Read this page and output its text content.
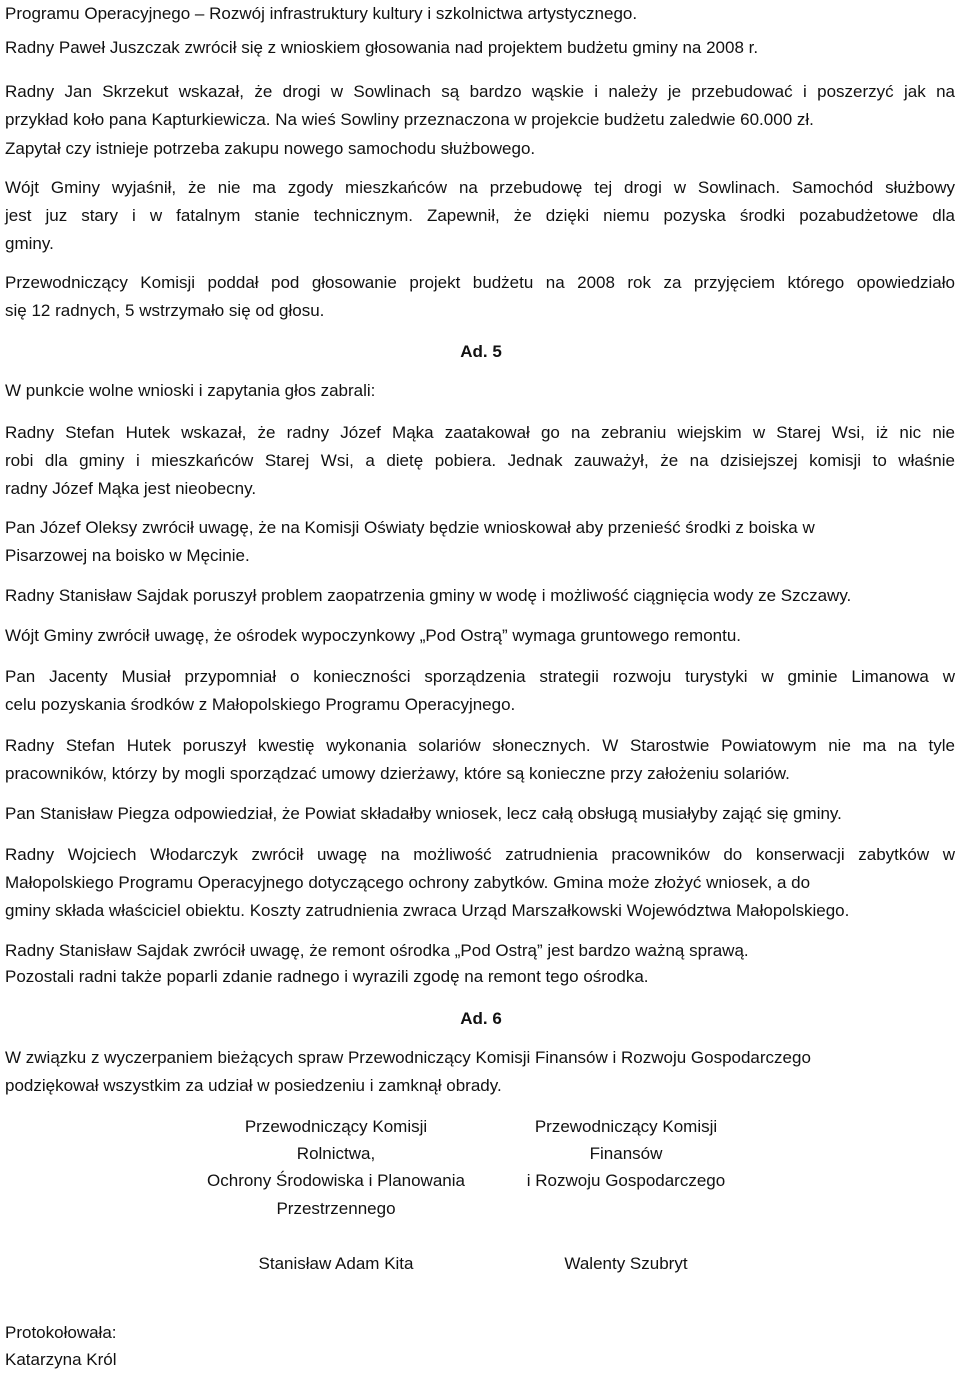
Programu Operacyjnego – Rozwój infrastruktury kultury i szkolnictwa artystycznego.
Radny Paweł Juszczak zwrócił się z wnioskiem głosowania nad projektem budżetu gminy na 2008 r.
Radny Jan Skrzekut wskazał, że drogi w Sowlinach są bardzo wąskie i należy je przebudować i poszerzyć jak na
przykład koło pana Kapturkiewicza. Na wieś Sowliny przeznaczona w projekcie budżetu zaledwie 60.000 zł.
Zapytał czy istnieje potrzeba zakupu nowego samochodu służbowego.
Wójt Gminy wyjaśnił, że nie ma zgody mieszkańców na przebudowę tej drogi w Sowlinach. Samochód służbowy
jest juz stary i w fatalnym stanie technicznym. Zapewnił, że dzięki niemu pozyska środki pozabudżetowe dla
gminy.
Przewodniczący Komisji poddał pod głosowanie projekt budżetu na 2008 rok za przyjęciem którego opowiedziało
się 12 radnych, 5 wstrzymało się od głosu.
Ad. 5
W punkcie wolne wnioski i zapytania głos zabrali:
Radny Stefan Hutek wskazał, że radny Józef Mąka zaatakował go na zebraniu wiejskim w Starej Wsi, iż nic nie
robi dla gminy i mieszkańców Starej Wsi, a dietę pobiera. Jednak zauważył, że na dzisiejszej komisji to właśnie
radny Józef Mąka jest nieobecny.
Pan Józef Oleksy zwrócił uwagę, że na Komisji Oświaty będzie wnioskował aby przenieść środki z boiska w
Pisarzowej na boisko w Męcinie.
Radny Stanisław Sajdak poruszył problem zaopatrzenia gminy w wodę i możliwość ciągnięcia wody ze Szczawy.
Wójt Gminy zwrócił uwagę, że ośrodek wypoczynkowy „Pod Ostrą” wymaga gruntowego remontu.
Pan Jacenty Musiał przypomniał o konieczności sporządzenia strategii rozwoju turystyki w gminie Limanowa w
celu pozyskania środków z Małopolskiego Programu Operacyjnego.
Radny Stefan Hutek poruszył kwestię wykonania solariów słonecznych. W Starostwie Powiatowym nie ma na tyle
pracowników, którzy by mogli sporządzać umowy dzierżawy, które są konieczne przy założeniu solariów.
Pan Stanisław Piegza odpowiedział, że Powiat składałby wniosek, lecz całą obsługą musiałyby zająć się gminy.
Radny Wojciech Włodarczyk zwrócił uwagę na możliwość zatrudnienia pracowników do konserwacji zabytków w
Małopolskiego Programu Operacyjnego dotyczącego ochrony zabytków. Gmina może złożyć wniosek, a do
gminy składa właściciel obiektu. Koszty zatrudnienia zwraca Urząd Marszałkowski Województwa Małopolskiego.
Radny Stanisław Sajdak zwrócił uwagę, że remont ośrodka „Pod Ostrą” jest bardzo ważną sprawą.
Pozostali radni także poparli zdanie radnego i wyrazili zgodę na remont tego ośrodka.
Ad. 6
W związku z wyczerpaniem bieżących spraw Przewodniczący Komisji Finansów i Rozwoju Gospodarczego
podziękował wszystkim za udział w posiedzeniu i zamknął obrady.
Przewodniczący Komisji
Rolnictwa,
Ochrony Środowiska i Planowania
Przestrzennego
Stanisław Adam Kita
Przewodniczący Komisji
Finansów
i Rozwoju Gospodarczego
Walenty Szubryt
Protokołowała:
Katarzyna Król
